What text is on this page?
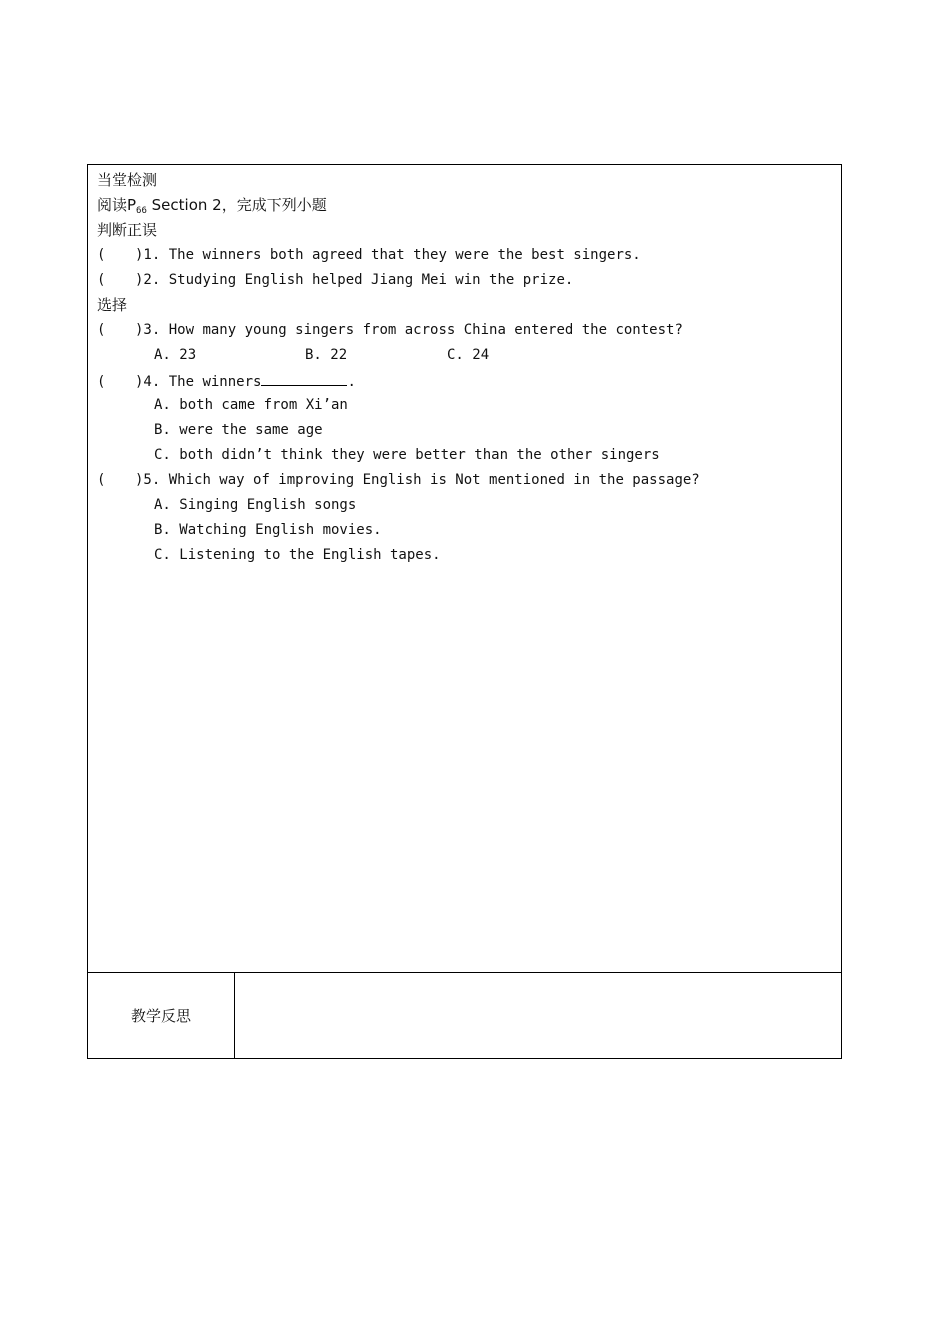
当堂检测
阅读$P_{66}$ Section 2，完成下列小题
判断正误
( )1. The winners both agreed that they were the best singers.
( )2. Studying English helped Jiang Mei win the prize.
选择
( )3. How many young singers from across China entered the contest?
A. 23	B. 22	C. 24
( )4. The winners	.
A. both came from Xi’an
B. were the same age
C. both didn’t think they were better than the other singers
( )5. Which way of improving English is Not mentioned in the passage?
A. Singing English songs
B. Watching English movies.
C. Listening to the English tapes.
教学反思
